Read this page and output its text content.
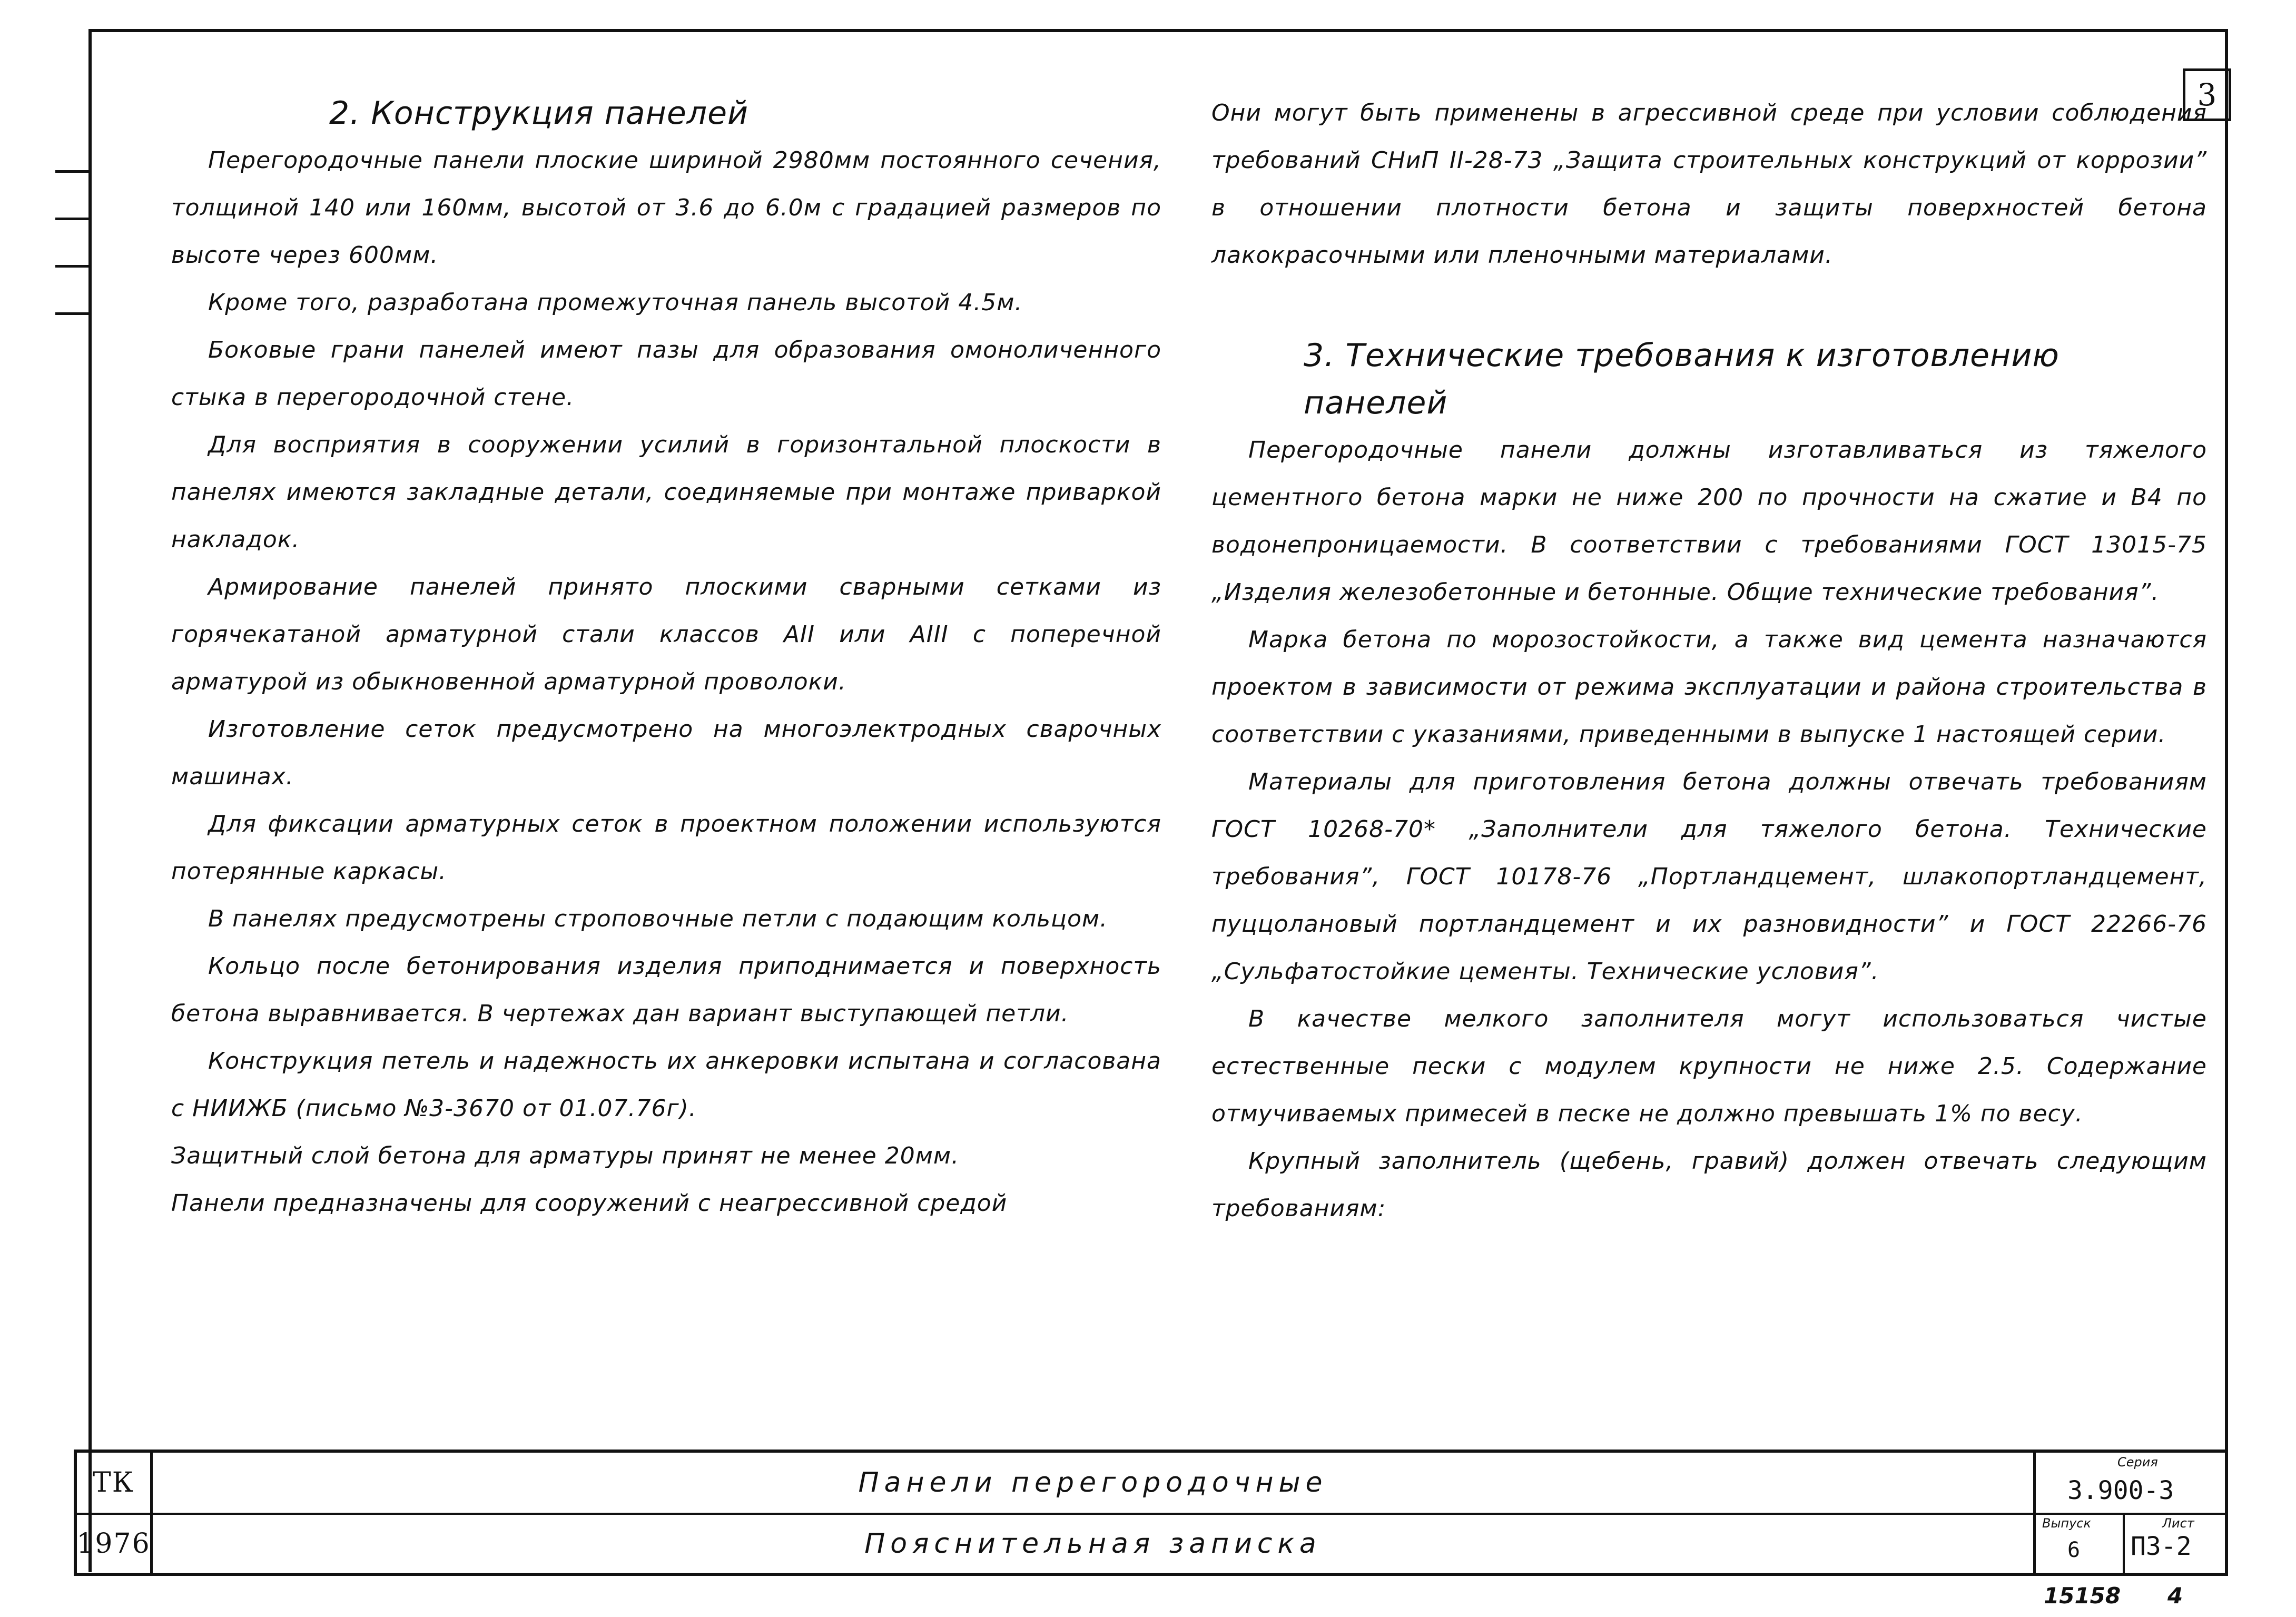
3
2. Конструкция панелей

Перегородочные панели плоские шириной 2980мм постоянного сечения, толщиной 140 или 160мм, высотой от 3.6 до 6.0м с градацией размеров по высоте через 600мм.

Кроме того, разработана промежуточная панель высотой 4.5м.

Боковые грани панелей имеют пазы для образования омоноличенного стыка в перегородочной стене.

Для восприятия в сооружении усилий в горизонтальной плоскости в панелях имеются закладные детали, соединяемые при монтаже приваркой накладок.

Армирование панелей принято плоскими сварными сетками из горячекатаной арматурной стали классов АII или АIII с поперечной арматурой из обыкновенной арматурной проволоки.

Изготовление сеток предусмотрено на многоэлектродных сварочных машинах.

Для фиксации арматурных сеток в проектном положении используются потерянные каркасы.

В панелях предусмотрены строповочные петли с подающим кольцом.

Кольцо после бетонирования изделия приподнимается и поверхность бетона выравнивается. В чертежах дан вариант выступающей петли.

Конструкция петель и надежность их анкеровки испытана и согласована с НИИЖБ (письмо №3-3670 от 01.07.76г).

Защитный слой бетона для арматуры принят не менее 20мм.

Панели предназначены для сооружений с неагрессивной средой

Они могут быть применены в агрессивной среде при условии соблюдения требований СНиП II-28-73 „Защита строительных конструкций от коррозии” в отношении плотности бетона и защиты поверхностей бетона лакокрасочными или пленочными материалами.

3. Технические требования к изготовлению панелей

Перегородочные панели должны изготавливаться из тяжелого цементного бетона марки не ниже 200 по прочности на сжатие и В4 по водонепроницаемости. В соответствии с требованиями ГОСТ 13015-75 „Изделия железобетонные и бетонные. Общие технические требования”.

Марка бетона по морозостойкости, а также вид цемента назначаются проектом в зависимости от режима эксплуатации и района строительства в соответствии с указаниями, приведенными в выпуске 1 настоящей серии.

Материалы для приготовления бетона должны отвечать требованиям ГОСТ 10268-70* „Заполнители для тяжелого бетона. Технические требования”, ГОСТ 10178-76 „Портландцемент, шлакопортландцемент, пуццолановый портландцемент и их разновидности” и ГОСТ 22266-76 „Сульфатостойкие цементы. Технические условия”.

В качестве мелкого заполнителя могут использоваться чистые естественные пески с модулем крупности не ниже 2.5. Содержание отмучиваемых примесей в песке не должно превышать 1% по весу.

Крупный заполнитель (щебень, гравий) должен отвечать следующим требованиям:

ТК	Панели перегородочные
Серия
3.900-3
1976	Пояснительная записка
Выпуск
6
Лист
ПЗ-2
15158 4
